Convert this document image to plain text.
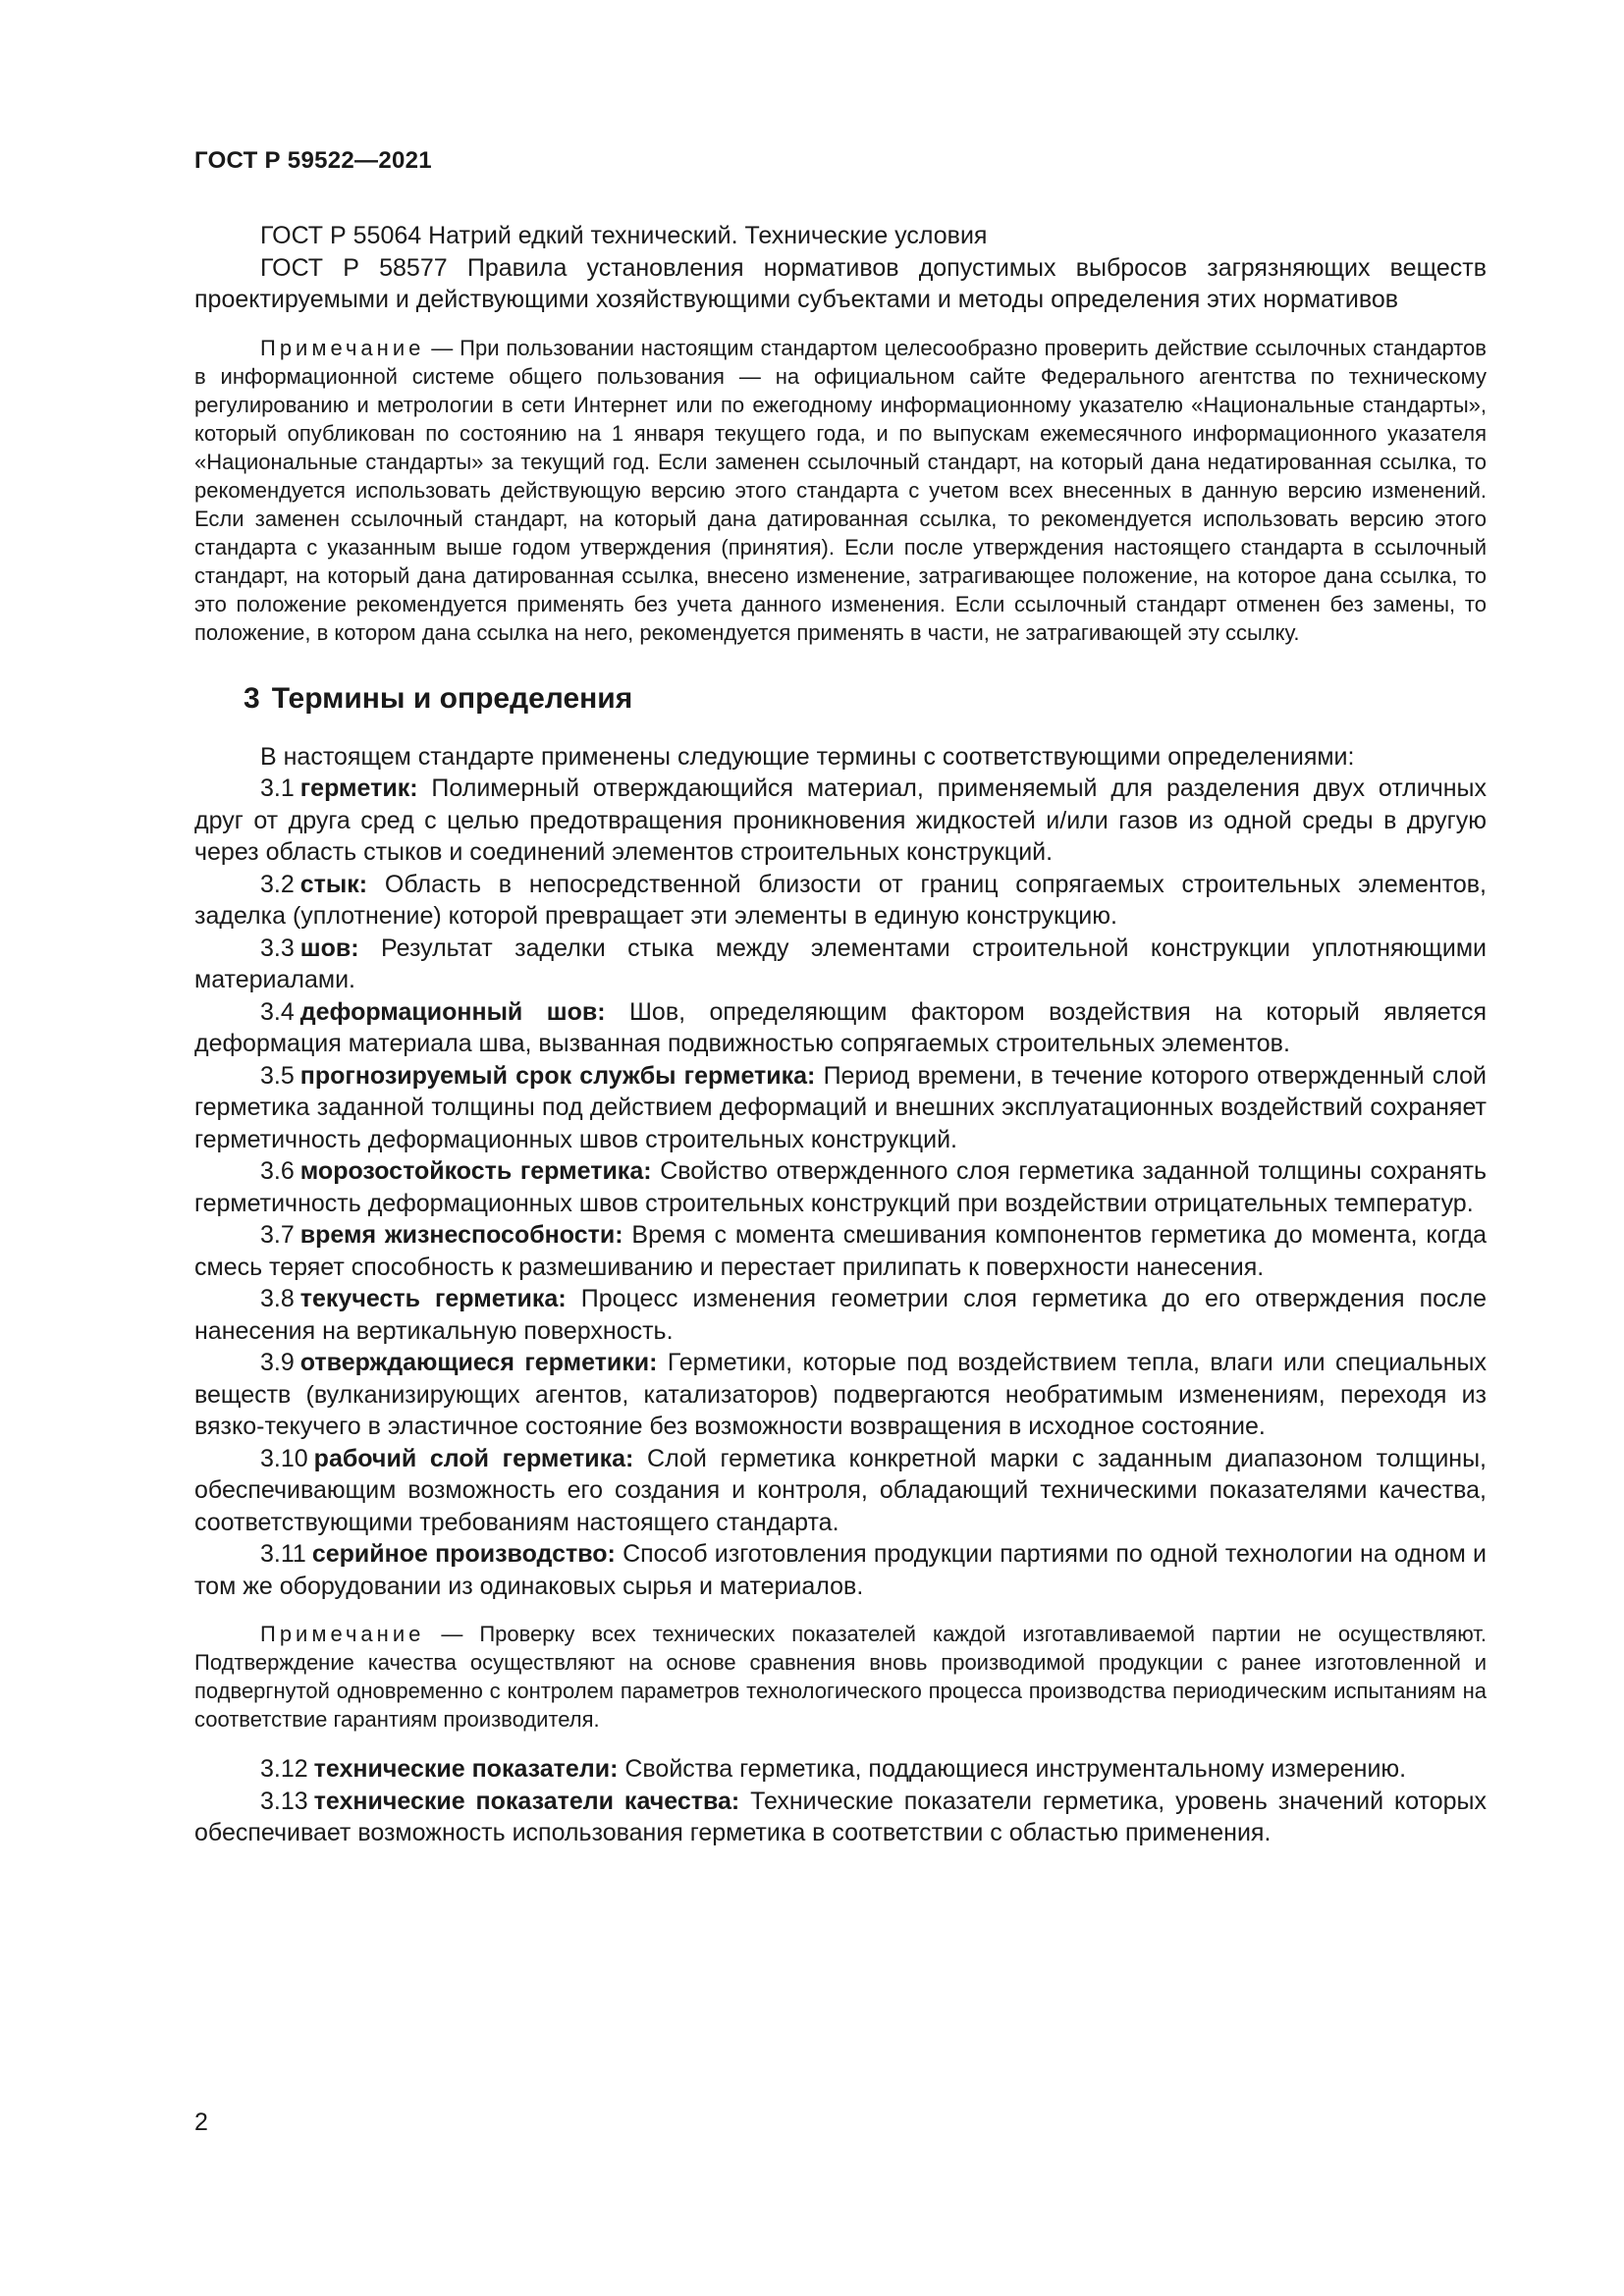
ГОСТ Р 59522—2021

ГОСТ Р 55064 Натрий едкий технический. Технические условия

ГОСТ Р 58577 Правила установления нормативов допустимых выбросов загрязняющих веществ проектируемыми и действующими хозяйствующими субъектами и методы определения этих нормативов

Примечание — При пользовании настоящим стандартом целесообразно проверить действие ссылочных стандартов в информационной системе общего пользования — на официальном сайте Федерального агентства по техническому регулированию и метрологии в сети Интернет или по ежегодному информационному указателю «Национальные стандарты», который опубликован по состоянию на 1 января текущего года, и по выпускам ежемесячного информационного указателя «Национальные стандарты» за текущий год. Если заменен ссылочный стандарт, на который дана недатированная ссылка, то рекомендуется использовать действующую версию этого стандарта с учетом всех внесенных в данную версию изменений. Если заменен ссылочный стандарт, на который дана датированная ссылка, то рекомендуется использовать версию этого стандарта с указанным выше годом утверждения (принятия). Если после утверждения настоящего стандарта в ссылочный стандарт, на который дана датированная ссылка, внесено изменение, затрагивающее положение, на которое дана ссылка, то это положение рекомендуется применять без учета данного изменения. Если ссылочный стандарт отменен без замены, то положение, в котором дана ссылка на него, рекомендуется применять в части, не затрагивающей эту ссылку.

3 Термины и определения

В настоящем стандарте применены следующие термины с соответствующими определениями:

3.1 герметик: Полимерный отверждающийся материал, применяемый для разделения двух отличных друг от друга сред с целью предотвращения проникновения жидкостей и/или газов из одной среды в другую через область стыков и соединений элементов строительных конструкций.

3.2 стык: Область в непосредственной близости от границ сопрягаемых строительных элементов, заделка (уплотнение) которой превращает эти элементы в единую конструкцию.

3.3 шов: Результат заделки стыка между элементами строительной конструкции уплотняющими материалами.

3.4 деформационный шов: Шов, определяющим фактором воздействия на который является деформация материала шва, вызванная подвижностью сопрягаемых строительных элементов.

3.5 прогнозируемый срок службы герметика: Период времени, в течение которого отвержденный слой герметика заданной толщины под действием деформаций и внешних эксплуатационных воздействий сохраняет герметичность деформационных швов строительных конструкций.

3.6 морозостойкость герметика: Свойство отвержденного слоя герметика заданной толщины сохранять герметичность деформационных швов строительных конструкций при воздействии отрицательных температур.

3.7 время жизнеспособности: Время с момента смешивания компонентов герметика до момента, когда смесь теряет способность к размешиванию и перестает прилипать к поверхности нанесения.

3.8 текучесть герметика: Процесс изменения геометрии слоя герметика до его отверждения после нанесения на вертикальную поверхность.

3.9 отверждающиеся герметики: Герметики, которые под воздействием тепла, влаги или специальных веществ (вулканизирующих агентов, катализаторов) подвергаются необратимым изменениям, переходя из вязко-текучего в эластичное состояние без возможности возвращения в исходное состояние.

3.10 рабочий слой герметика: Слой герметика конкретной марки с заданным диапазоном толщины, обеспечивающим возможность его создания и контроля, обладающий техническими показателями качества, соответствующими требованиям настоящего стандарта.

3.11 серийное производство: Способ изготовления продукции партиями по одной технологии на одном и том же оборудовании из одинаковых сырья и материалов.

Примечание — Проверку всех технических показателей каждой изготавливаемой партии не осуществляют. Подтверждение качества осуществляют на основе сравнения вновь производимой продукции с ранее изготовленной и подвергнутой одновременно с контролем параметров технологического процесса производства периодическим испытаниям на соответствие гарантиям производителя.

3.12 технические показатели: Свойства герметика, поддающиеся инструментальному измерению.

3.13 технические показатели качества: Технические показатели герметика, уровень значений которых обеспечивает возможность использования герметика в соответствии с областью применения.

2
